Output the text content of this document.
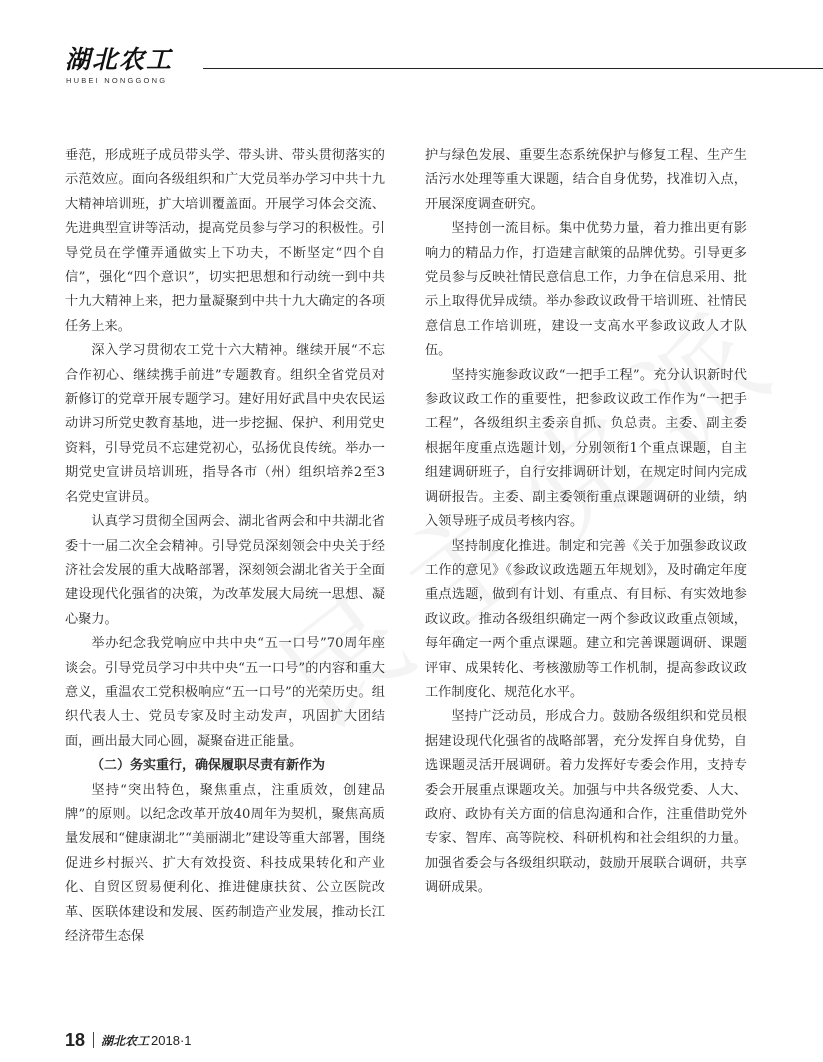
湖北农工
HUBEI NONGGONG

垂范，形成班子成员带头学、带头讲、带头贯彻落实的示范效应。面向各级组织和广大党员举办学习中共十九大精神培训班，扩大培训覆盖面。开展学习体会交流、先进典型宣讲等活动，提高党员参与学习的积极性。引导党员在学懂弄通做实上下功夫，不断坚定“四个自信”，强化“四个意识”，切实把思想和行动统一到中共十九大精神上来，把力量凝聚到中共十九大确定的各项任务上来。

深入学习贯彻农工党十六大精神。继续开展“不忘合作初心、继续携手前进”专题教育。组织全省党员对新修订的党章开展专题学习。建好用好武昌中央农民运动讲习所党史教育基地，进一步挖掘、保护、利用党史资料，引导党员不忘建党初心，弘扬优良传统。举办一期党史宣讲员培训班，指导各市（州）组织培养2至3名党史宣讲员。

认真学习贯彻全国两会、湖北省两会和中共湖北省委十一届二次全会精神。引导党员深刻领会中央关于经济社会发展的重大战略部署，深刻领会湖北省关于全面建设现代化强省的决策，为改革发展大局统一思想、凝心聚力。

举办纪念我党响应中共中央“五一口号”70周年座谈会。引导党员学习中共中央“五一口号”的内容和重大意义，重温农工党积极响应“五一口号”的光荣历史。组织代表人士、党员专家及时主动发声，巩固扩大团结面，画出最大同心圆，凝聚奋进正能量。

（二）务实重行，确保履职尽责有新作为

坚持“突出特色，聚焦重点，注重质效，创建品牌”的原则。以纪念改革开放40周年为契机，聚焦高质量发展和“健康湖北”“美丽湖北”建设等重大部署，围绕促进乡村振兴、扩大有效投资、科技成果转化和产业化、自贸区贸易便利化、推进健康扶贫、公立医院改革、医联体建设和发展、医药制造产业发展，推动长江经济带生态保

护与绿色发展、重要生态系统保护与修复工程、生产生活污水处理等重大课题，结合自身优势，找准切入点，开展深度调查研究。

坚持创一流目标。集中优势力量，着力推出更有影响力的精品力作，打造建言献策的品牌优势。引导更多党员参与反映社情民意信息工作，力争在信息采用、批示上取得优异成绩。举办参政议政骨干培训班、社情民意信息工作培训班，建设一支高水平参政议政人才队伍。

坚持实施参政议政“一把手工程”。充分认识新时代参政议政工作的重要性，把参政议政工作作为“一把手工程”，各级组织主委亲自抓、负总责。主委、副主委根据年度重点选题计划，分别领衔1个重点课题，自主组建调研班子，自行安排调研计划，在规定时间内完成调研报告。主委、副主委领衔重点课题调研的业绩，纳入领导班子成员考核内容。

坚持制度化推进。制定和完善《关于加强参政议政工作的意见》《参政议政选题五年规划》，及时确定年度重点选题，做到有计划、有重点、有目标、有实效地参政议政。推动各级组织确定一两个参政议政重点领域，每年确定一两个重点课题。建立和完善课题调研、课题评审、成果转化、考核激励等工作机制，提高参政议政工作制度化、规范化水平。

坚持广泛动员，形成合力。鼓励各级组织和党员根据建设现代化强省的战略部署，充分发挥自身优势，自选课题灵活开展调研。着力发挥好专委会作用，支持专委会开展重点课题攻关。加强与中共各级党委、人大、政府、政协有关方面的信息沟通和合作，注重借助党外专家、智库、高等院校、科研机构和社会组织的力量。加强省委会与各级组织联动，鼓励开展联合调研，共享调研成果。

18 湖北农工 2018·1
